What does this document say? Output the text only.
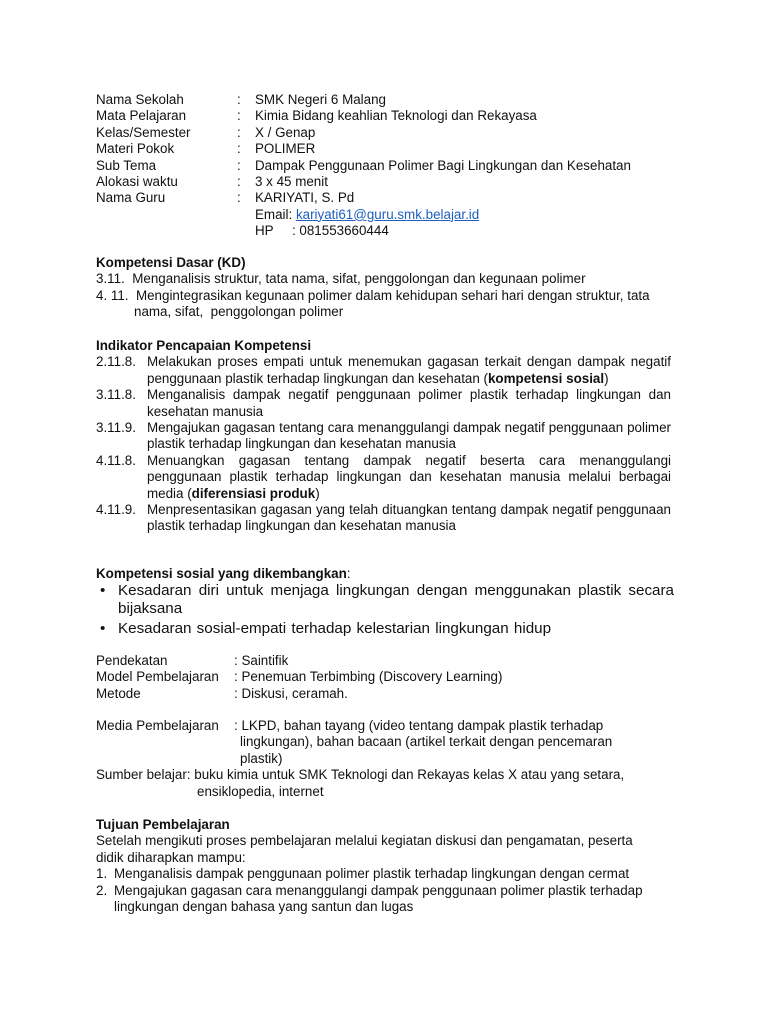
Nama Sekolah	:	SMK Negeri 6 Malang
Mata Pelajaran	:	Kimia Bidang keahlian Teknologi dan Rekayasa
Kelas/Semester	:	X / Genap
Materi Pokok	:	POLIMER
Sub Tema	:	Dampak Penggunaan Polimer Bagi Lingkungan dan Kesehatan
Alokasi waktu	:	3 x 45 menit
Nama Guru	:	KARIYATI, S. Pd
Email: kariyati61@guru.smk.belajar.id
HP     : 081553660444
Kompetensi Dasar (KD)
3.11.  Menganalisis struktur, tata nama, sifat, penggolongan dan kegunaan polimer
4. 11.  Mengintegrasikan kegunaan polimer dalam kehidupan sehari hari dengan struktur, tata nama, sifat,  penggolongan polimer
Indikator Pencapaian Kompetensi
2.11.8. Melakukan proses empati untuk menemukan gagasan terkait dengan dampak negatif penggunaan plastik terhadap lingkungan dan kesehatan (kompetensi sosial)
3.11.8. Menganalisis dampak negatif penggunaan polimer plastik terhadap lingkungan dan kesehatan manusia
3.11.9. Mengajukan gagasan tentang cara menanggulangi dampak negatif penggunaan polimer plastik terhadap lingkungan dan kesehatan manusia
4.11.8. Menuangkan gagasan tentang dampak negatif beserta cara menanggulangi penggunaan plastik terhadap lingkungan dan kesehatan manusia melalui berbagai media (diferensiasi produk)
4.11.9. Menpresentasikan gagasan yang telah dituangkan tentang dampak negatif penggunaan plastik terhadap lingkungan dan kesehatan manusia
Kompetensi sosial yang dikembangkan:
• Kesadaran diri untuk menjaga lingkungan dengan menggunakan plastik secara bijaksana
• Kesadaran sosial-empati terhadap kelestarian lingkungan hidup
Pendekatan	: Saintifik
Model Pembelajaran	: Penemuan Terbimbing (Discovery Learning)
Metode	: Diskusi, ceramah.
Media Pembelajaran	: LKPD, bahan tayang (video tentang dampak plastik terhadap lingkungan), bahan bacaan (artikel terkait dengan pencemaran plastik)
Sumber belajar: buku kimia untuk SMK Teknologi dan Rekayas kelas X atau yang setara,
ensiklopedia, internet
Tujuan Pembelajaran
Setelah mengikuti proses pembelajaran melalui kegiatan diskusi dan pengamatan, peserta didik diharapkan mampu:
1. Menganalisis dampak penggunaan polimer plastik terhadap lingkungan dengan cermat
2. Mengajukan gagasan cara menanggulangi dampak penggunaan polimer plastik terhadap lingkungan dengan bahasa yang santun dan lugas
